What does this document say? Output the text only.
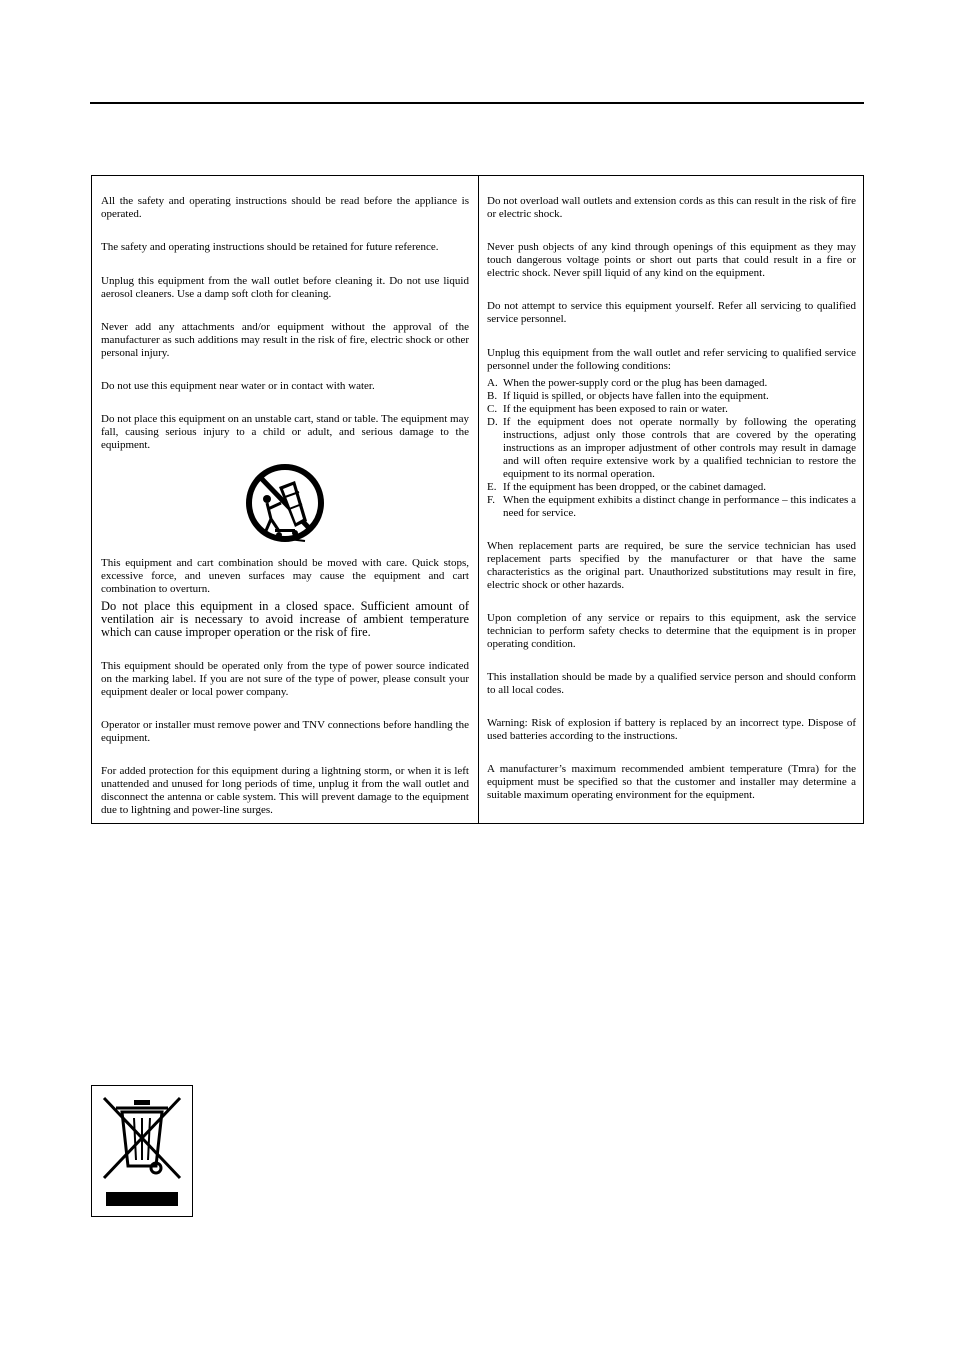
All the safety and operating instructions should be read before the appliance is operated.

The safety and operating instructions should be retained for future reference.

Unplug this equipment from the wall outlet before cleaning it. Do not use liquid aerosol cleaners. Use a damp soft cloth for cleaning.

Never add any attachments and/or equipment without the approval of the manufacturer as such additions may result in the risk of fire, electric shock or other personal injury.

Do not use this equipment near water or in contact with water.

Do not place this equipment on an unstable cart, stand or table. The equipment may fall, causing serious injury to a child or adult, and serious damage to the equipment.

This equipment and cart combination should be moved with care. Quick stops, excessive force, and uneven surfaces may cause the equipment and cart combination to overturn.

Do not place this equipment in a closed space. Sufficient amount of ventilation air is necessary to avoid increase of ambient temperature which can cause improper operation or the risk of fire.

This equipment should be operated only from the type of power source indicated on the marking label. If you are not sure of the type of power, please consult your equipment dealer or local power company.

Operator or installer must remove power and TNV connections before handling the equipment.

For added protection for this equipment during a lightning storm, or when it is left unattended and unused for long periods of time, unplug it from the wall outlet and disconnect the antenna or cable system. This will prevent damage to the equipment due to lightning and power-line surges.

Do not overload wall outlets and extension cords as this can result in the risk of fire or electric shock.

Never push objects of any kind through openings of this equipment as they may touch dangerous voltage points or short out parts that could result in a fire or electric shock. Never spill liquid of any kind on the equipment.

Do not attempt to service this equipment yourself. Refer all servicing to qualified service personnel.

Unplug this equipment from the wall outlet and refer servicing to qualified service personnel under the following conditions:

A. When the power-supply cord or the plug has been damaged.
B. If liquid is spilled, or objects have fallen into the equipment.
C. If the equipment has been exposed to rain or water.
D. If the equipment does not operate normally by following the operating instructions, adjust only those controls that are covered by the operating instructions as an improper adjustment of other controls may result in damage and will often require extensive work by a qualified technician to restore the equipment to its normal operation.
E. If the equipment has been dropped, or the cabinet damaged.
F. When the equipment exhibits a distinct change in performance – this indicates a need for service.

When replacement parts are required, be sure the service technician has used replacement parts specified by the manufacturer or that have the same characteristics as the original part. Unauthorized substitutions may result in fire, electric shock or other hazards.

Upon completion of any service or repairs to this equipment, ask the service technician to perform safety checks to determine that the equipment is in proper operating condition.

This installation should be made by a qualified service person and should conform to all local codes.

Warning: Risk of explosion if battery is replaced by an incorrect type. Dispose of used batteries according to the instructions.

A manufacturer’s maximum recommended ambient temperature (Tmra) for the equipment must be specified so that the customer and installer may determine a suitable maximum operating environment for the equipment.
